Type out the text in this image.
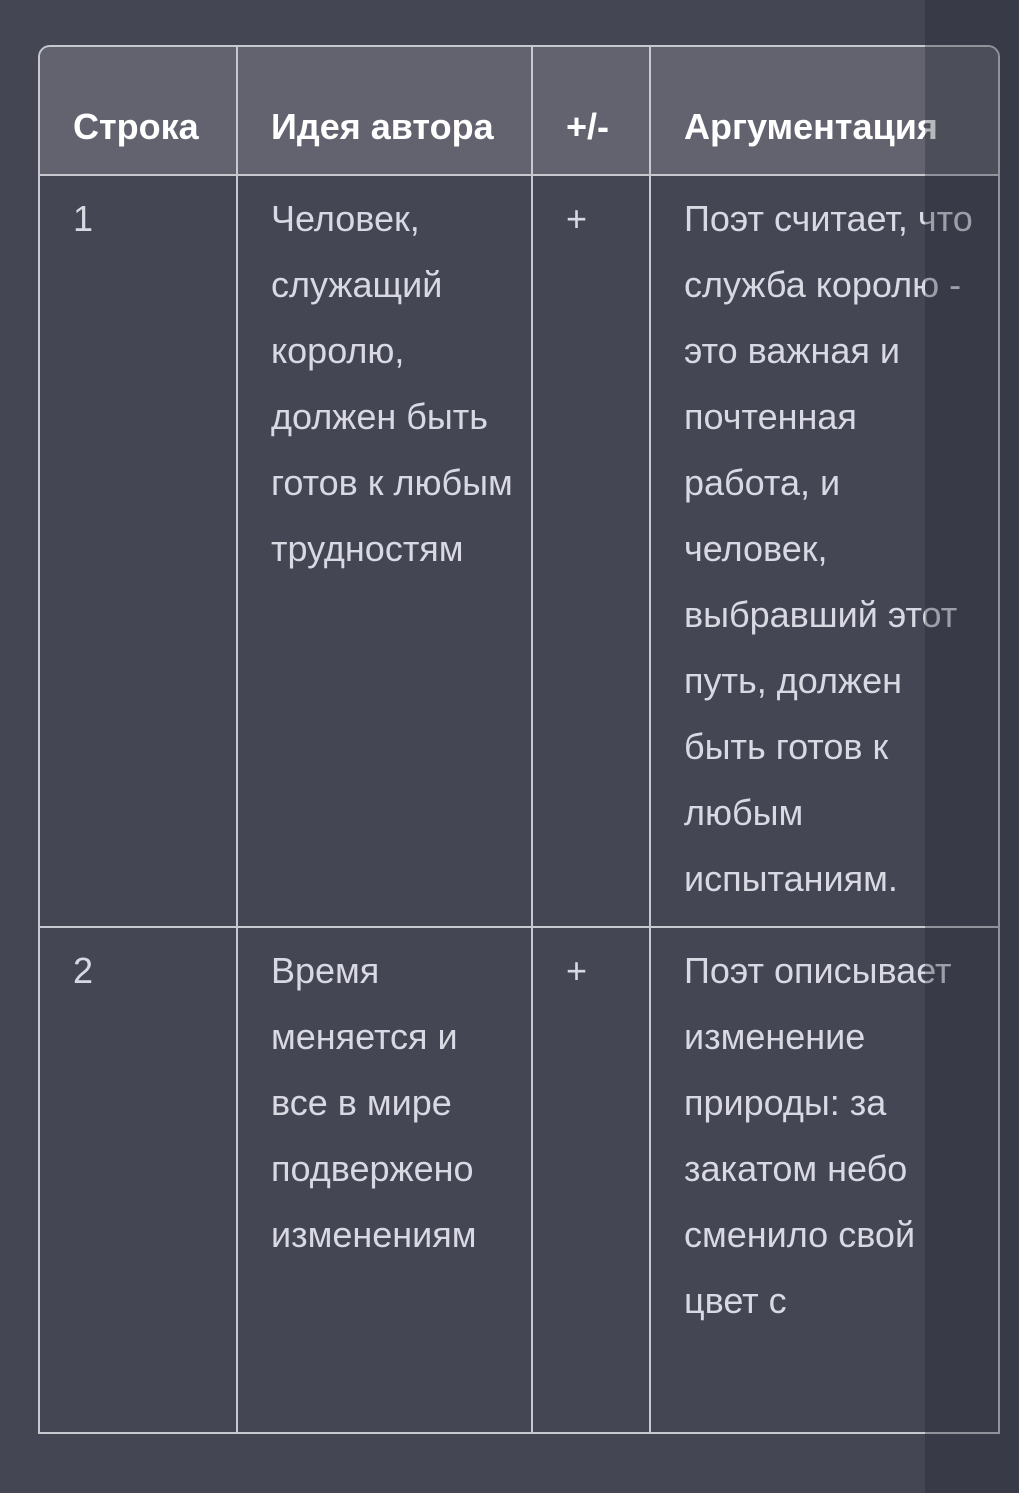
Строка	Идея автора	+/-	Аргументация
1	Человек, служащий королю, должен быть готов к любым трудностям	+	Поэт считает, что служба королю - это важная и почтенная работа, и человек, выбравший этот путь, должен быть готов к любым испытаниям.
2	Время меняется и все в мире подвержено изменениям	+	Поэт описывает изменение природы: за закатом небо сменило свой цвет с
